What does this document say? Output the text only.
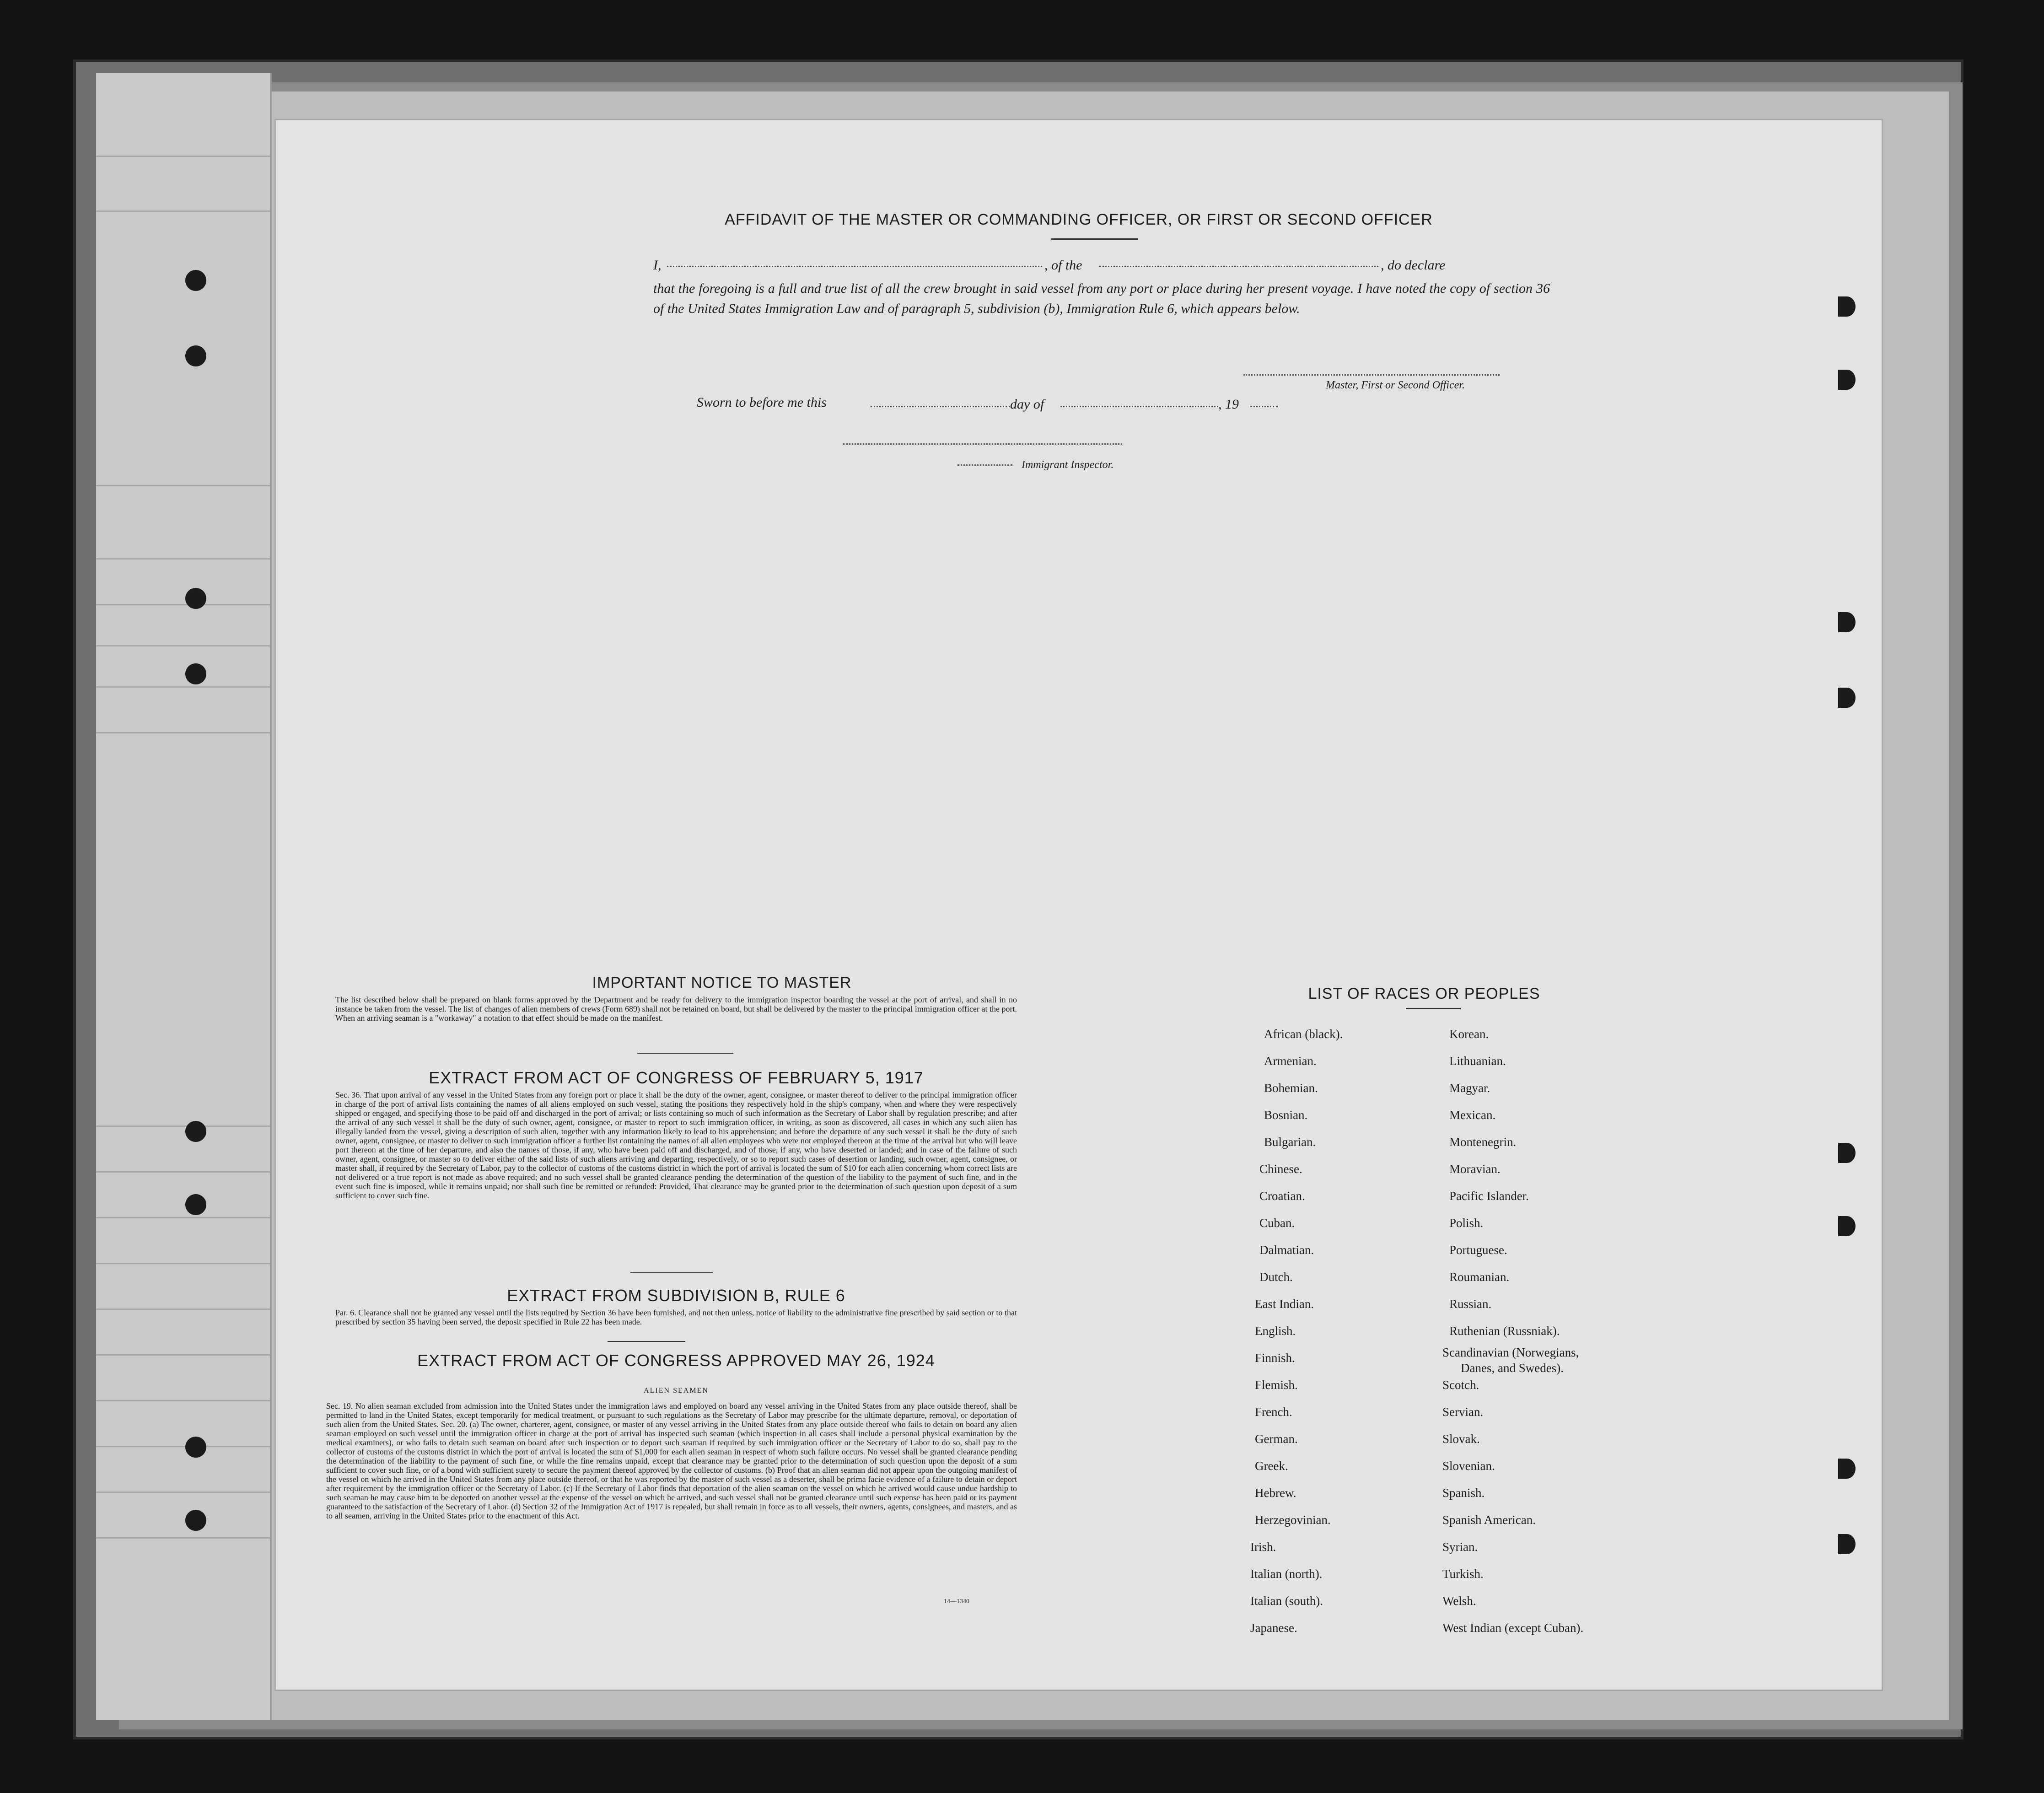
AFFIDAVIT OF THE MASTER OR COMMANDING OFFICER, OR FIRST OR SECOND OFFICER
I,	, of the	, do declare
that the foregoing is a full and true list of all the crew brought in said vessel from any port or place during her present voyage. I have noted the copy of section 36 of the United States Immigration Law and of paragraph 5, subdivision (b), Immigration Rule 6, which appears below.
Master, First or Second Officer.
Sworn to before me this	day of	, 19
Immigrant Inspector.
IMPORTANT NOTICE TO MASTER
The list described below shall be prepared on blank forms approved by the Department and be ready for delivery to the immigration inspector boarding the vessel at the port of arrival, and shall in no instance be taken from the vessel. The list of changes of alien members of crews (Form 689) shall not be retained on board, but shall be delivered by the master to the principal immigration officer at the port. When an arriving seaman is a "workaway" a notation to that effect should be made on the manifest.
EXTRACT FROM ACT OF CONGRESS OF FEBRUARY 5, 1917
Sec. 36. That upon arrival of any vessel in the United States from any foreign port or place it shall be the duty of the owner, agent, consignee, or master thereof to deliver to the principal immigration officer in charge of the port of arrival lists containing the names of all aliens employed on such vessel, stating the positions they respectively hold in the ship's company, when and where they were respectively shipped or engaged, and specifying those to be paid off and discharged in the port of arrival; or lists containing so much of such information as the Secretary of Labor shall by regulation prescribe; and after the arrival of any such vessel it shall be the duty of such owner, agent, consignee, or master to report to such immigration officer, in writing, as soon as discovered, all cases in which any such alien has illegally landed from the vessel, giving a description of such alien, together with any information likely to lead to his apprehension; and before the departure of any such vessel it shall be the duty of such owner, agent, consignee, or master to deliver to such immigration officer a further list containing the names of all alien employees who were not employed thereon at the time of the arrival but who will leave port thereon at the time of her departure, and also the names of those, if any, who have been paid off and discharged, and of those, if any, who have deserted or landed; and in case of the failure of such owner, agent, consignee, or master so to deliver either of the said lists of such aliens arriving and departing, respectively, or so to report such cases of desertion or landing, such owner, agent, consignee, or master shall, if required by the Secretary of Labor, pay to the collector of customs of the customs district in which the port of arrival is located the sum of $10 for each alien concerning whom correct lists are not delivered or a true report is not made as above required; and no such vessel shall be granted clearance pending the determination of the question of the liability to the payment of such fine, and in the event such fine is imposed, while it remains unpaid; nor shall such fine be remitted or refunded: Provided, That clearance may be granted prior to the determination of such question upon deposit of a sum sufficient to cover such fine.
EXTRACT FROM SUBDIVISION B, RULE 6
Par. 6. Clearance shall not be granted any vessel until the lists required by Section 36 have been furnished, and not then unless, notice of liability to the administrative fine prescribed by said section or to that prescribed by section 35 having been served, the deposit specified in Rule 22 has been made.
EXTRACT FROM ACT OF CONGRESS APPROVED MAY 26, 1924
ALIEN SEAMEN
Sec. 19. No alien seaman excluded from admission into the United States under the immigration laws and employed on board any vessel arriving in the United States from any place outside thereof, shall be permitted to land in the United States, except temporarily for medical treatment, or pursuant to such regulations as the Secretary of Labor may prescribe for the ultimate departure, removal, or deportation of such alien from the United States. Sec. 20. (a) The owner, charterer, agent, consignee, or master of any vessel arriving in the United States from any place outside thereof who fails to detain on board any alien seaman employed on such vessel until the immigration officer in charge at the port of arrival has inspected such seaman (which inspection in all cases shall include a personal physical examination by the medical examiners), or who fails to detain such seaman on board after such inspection or to deport such seaman if required by such immigration officer or the Secretary of Labor to do so, shall pay to the collector of customs of the customs district in which the port of arrival is located the sum of $1,000 for each alien seaman in respect of whom such failure occurs. No vessel shall be granted clearance pending the determination of the liability to the payment of such fine, or while the fine remains unpaid, except that clearance may be granted prior to the determination of such question upon the deposit of a sum sufficient to cover such fine, or of a bond with sufficient surety to secure the payment thereof approved by the collector of customs. (b) Proof that an alien seaman did not appear upon the outgoing manifest of the vessel on which he arrived in the United States from any place outside thereof, or that he was reported by the master of such vessel as a deserter, shall be prima facie evidence of a failure to detain or deport after requirement by the immigration officer or the Secretary of Labor. (c) If the Secretary of Labor finds that deportation of the alien seaman on the vessel on which he arrived would cause undue hardship to such seaman he may cause him to be deported on another vessel at the expense of the vessel on which he arrived, and such vessel shall not be granted clearance until such expense has been paid or its payment guaranteed to the satisfaction of the Secretary of Labor. (d) Section 32 of the Immigration Act of 1917 is repealed, but shall remain in force as to all vessels, their owners, agents, consignees, and masters, and as to all seamen, arriving in the United States prior to the enactment of this Act.
14—1340
LIST OF RACES OR PEOPLES
Danes, and Swedes).
African (black).
Armenian.
Bohemian.
Bosnian.
Bulgarian.
Chinese.
Croatian.
Cuban.
Dalmatian.
Dutch.
East Indian.
English.
Finnish.
Flemish.
French.
German.
Greek.
Hebrew.
Herzegovinian.
Irish.
Italian (north).
Italian (south).
Japanese.
Korean.
Lithuanian.
Magyar.
Mexican.
Montenegrin.
Moravian.
Pacific Islander.
Polish.
Portuguese.
Roumanian.
Russian.
Ruthenian (Russniak).
Scandinavian (Norwegians,
Scotch.
Servian.
Slovak.
Slovenian.
Spanish.
Spanish American.
Syrian.
Turkish.
Welsh.
West Indian (except Cuban).
